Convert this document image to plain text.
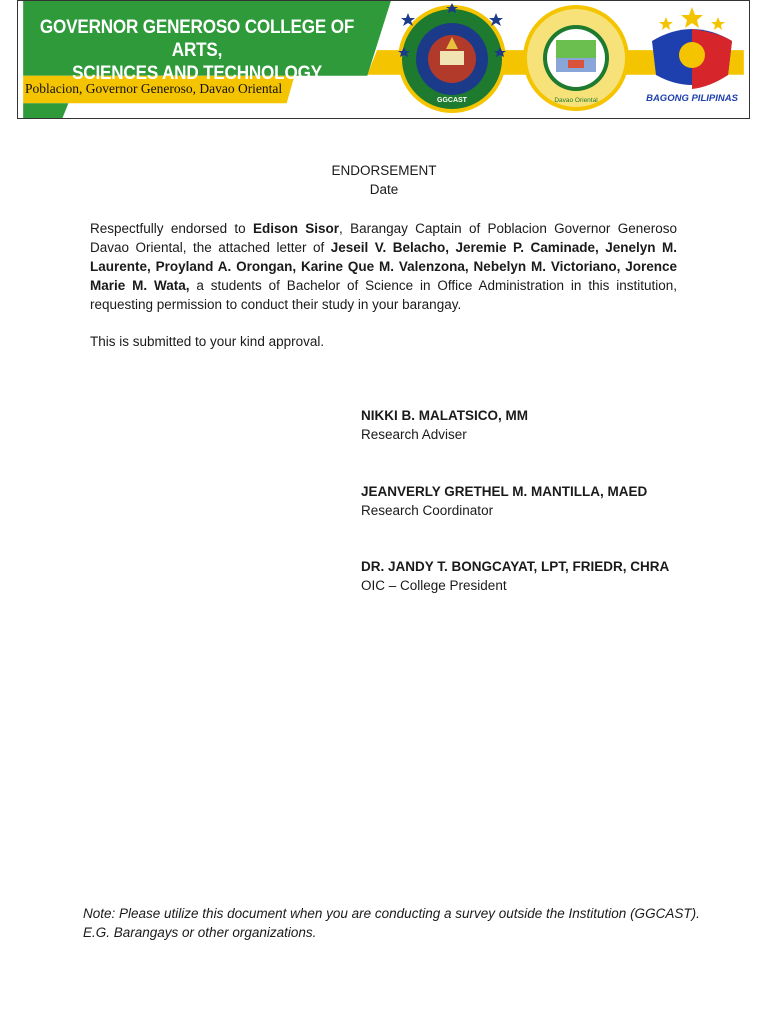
GOVERNOR GENEROSO COLLEGE OF ARTS,
SCIENCES AND TECHNOLOGY
Poblacion, Governor Generoso, Davao Oriental
GGCAST	Davao Oriental	BAGONG PILIPINAS
ENDORSEMENT
Date
Respectfully endorsed to Edison Sisor, Barangay Captain of Poblacion Governor Generoso Davao Oriental, the attached letter of Jeseil V. Belacho, Jeremie P. Caminade, Jenelyn M. Laurente, Proyland A. Orongan, Karine Que M. Valenzona, Nebelyn M. Victoriano, Jorence Marie M. Wata, a students of Bachelor of Science in Office Administration in this institution, requesting permission to conduct their study in your barangay.
This is submitted to your kind approval.
NIKKI B. MALATSICO, MM
Research Adviser
JEANVERLY GRETHEL M. MANTILLA, MAED
Research Coordinator
DR. JANDY T. BONGCAYAT, LPT, FRIEDR, CHRA
OIC – College President
Note: Please utilize this document when you are conducting a survey outside the Institution (GGCAST).
E.G. Barangays or other organizations.
